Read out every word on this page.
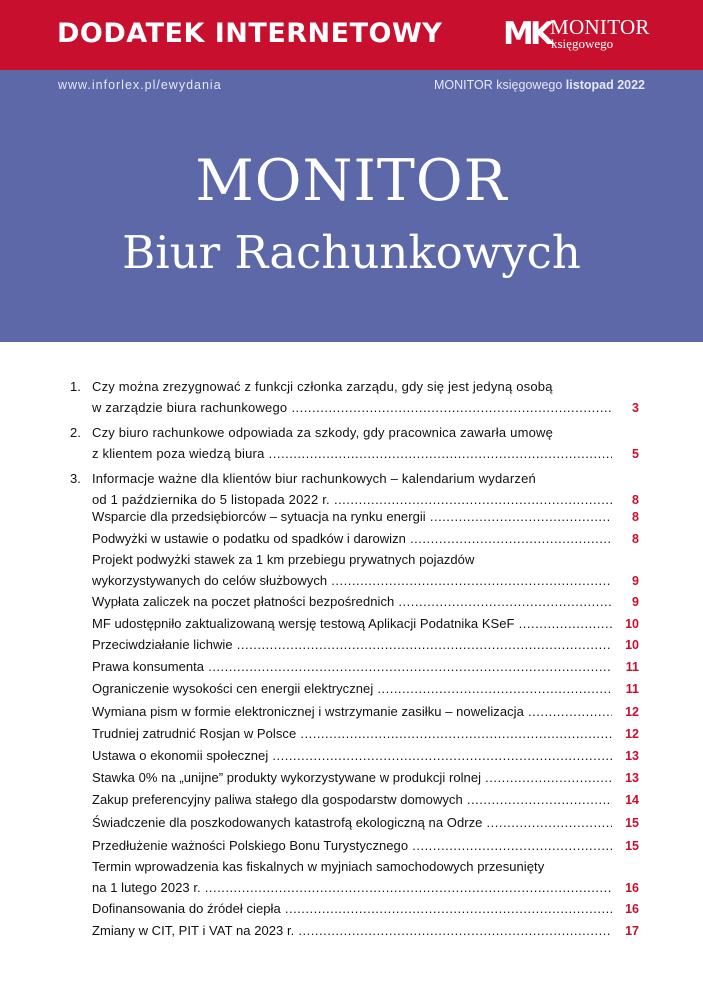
DODATEK INTERNETOWY MK MONITOR
księgowego
www.inforlex.pl/ewydania	MONITOR księgowego listopad 2022
MONITOR
Biur Rachunkowych
1. Czy można zrezygnować z funkcji członka zarządu, gdy się jest jedyną osobą
w zarządzie biura rachunkowego .....	3
2. Czy biuro rachunkowe odpowiada za szkody, gdy pracownica zawarła umowę
z klientem poza wiedzą biura .....	5
3. Informacje ważne dla klientów biur rachunkowych – kalendarium wydarzeń
od 1 października do 5 listopada 2022 r. .....	8
Wsparcie dla przedsiębiorców – sytuacja na rynku energii .....	8
Podwyżki w ustawie o podatku od spadków i darowizn .....	8
Projekt podwyżki stawek za 1 km przebiegu prywatnych pojazdów
wykorzystywanych do celów służbowych .....	9
Wypłata zaliczek na poczet płatności bezpośrednich .....	9
MF udostępniło zaktualizowaną wersję testową Aplikacji Podatnika KSeF .....	10
Przeciwdziałanie lichwie .....	10
Prawa konsumenta .....	11
Ograniczenie wysokości cen energii elektrycznej .....	11
Wymiana pism w formie elektronicznej i wstrzymanie zasiłku – nowelizacja .....	12
Trudniej zatrudnić Rosjan w Polsce .....	12
Ustawa o ekonomii społecznej .....	13
Stawka 0% na „unijne” produkty wykorzystywane w produkcji rolnej .....	13
Zakup preferencyjny paliwa stałego dla gospodarstw domowych .....	14
Świadczenie dla poszkodowanych katastrofą ekologiczną na Odrze .....	15
Przedłużenie ważności Polskiego Bonu Turystycznego .....	15
Termin wprowadzenia kas fiskalnych w myjniach samochodowych przesunięty
na 1 lutego 2023 r. .....	16
Dofinansowania do źródeł ciepła .....	16
Zmiany w CIT, PIT i VAT na 2023 r. .....	17
